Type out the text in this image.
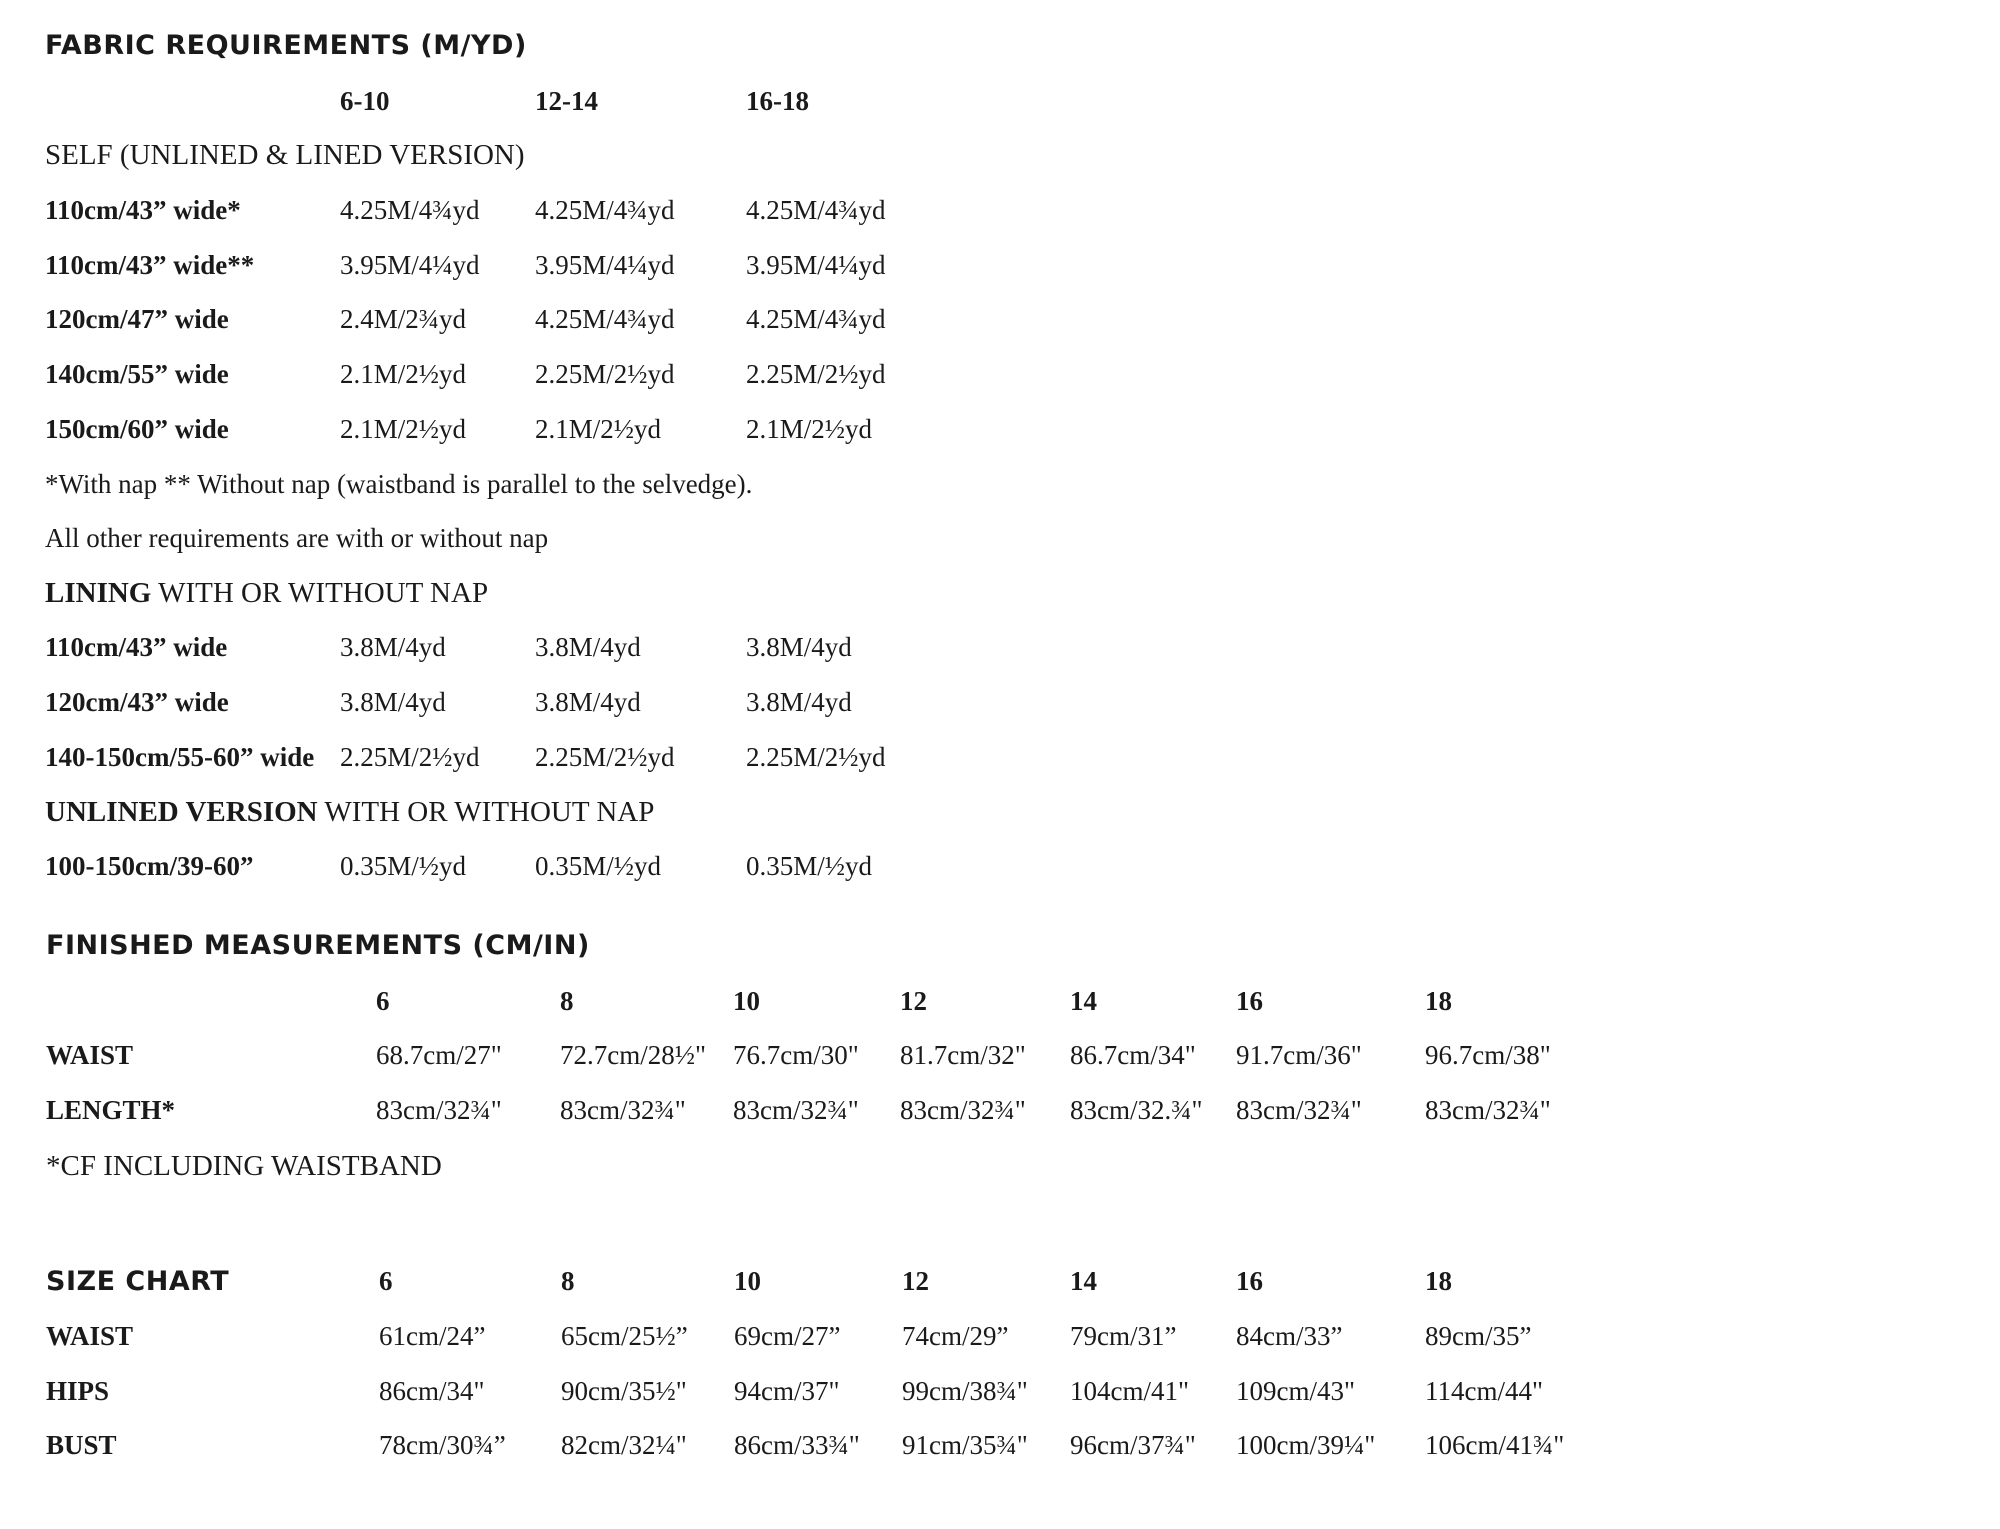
FABRIC REQUIREMENTS (M/YD)
6-10	12-14	16-18
SELF (UNLINED & LINED VERSION)
110cm/43” wide*	4.25M/4¾yd 4.25M/4¾yd	4.25M/4¾yd
110cm/43” wide**	3.95M/4¼yd 3.95M/4¼yd	3.95M/4¼yd
120cm/47” wide	2.4M/2¾yd	4.25M/4¾yd	4.25M/4¾yd
140cm/55” wide	2.1M/2½yd	2.25M/2½yd	2.25M/2½yd
150cm/60” wide	2.1M/2½yd	2.1M/2½yd	2.1M/2½yd
*With nap ** Without nap (waistband is parallel to the selvedge).
All other requirements are with or without nap
LINING WITH OR WITHOUT NAP
110cm/43” wide	3.8M/4yd	3.8M/4yd	3.8M/4yd
120cm/43” wide	3.8M/4yd	3.8M/4yd	3.8M/4yd
140-150cm/55-60” wide 2.25M/2½yd 2.25M/2½yd	2.25M/2½yd
UNLINED VERSION WITH OR WITHOUT NAP
100-150cm/39-60”	0.35M/½yd	0.35M/½yd	0.35M/½yd
FINISHED MEASUREMENTS (CM/IN)
6	8	10	12	14	16	18
WAIST	68.7cm/27" 72.7cm/28½" 76.7cm/30" 81.7cm/32" 86.7cm/34" 91.7cm/36" 96.7cm/38"
LENGTH*	83cm/32¾" 83cm/32¾" 83cm/32¾" 83cm/32¾" 83cm/32.¾" 83cm/32¾" 83cm/32¾"
*CF INCLUDING WAISTBAND
SIZE CHART	6	8	10	12	14	16	18
WAIST	61cm/24”	65cm/25½” 69cm/27” 74cm/29” 79cm/31” 84cm/33”	89cm/35”
HIPS	86cm/34"	90cm/35½" 94cm/37" 99cm/38¾" 104cm/41" 109cm/43"	114cm/44"
BUST	78cm/30¾” 82cm/32¼" 86cm/33¾" 91cm/35¾" 96cm/37¾" 100cm/39¼" 106cm/41¾"
